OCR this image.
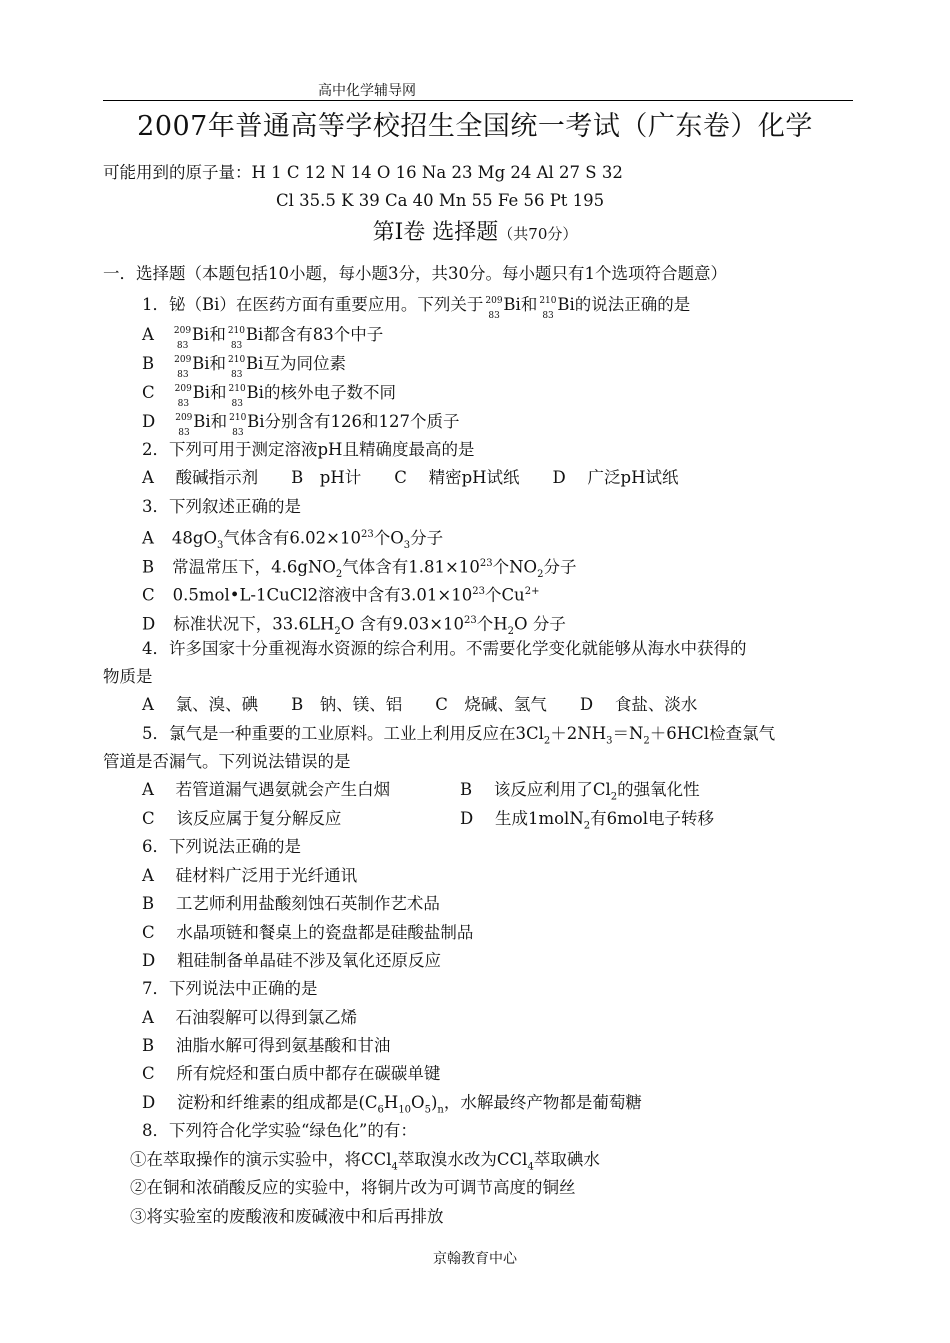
高中化学辅导网
2007年普通高等学校招生全国统一考试（广东卷）化学
可能用到的原子量：H 1 C 12 N 14 O 16 Na 23 Mg 24 Al 27 S 32
Cl 35.5 K 39 Ca 40 Mn 55 Fe 56 Pt 195
第Ⅰ卷 选择题（共70分）
一．选择题（本题包括10小题，每小题3分，共30分。每小题只有1个选项符合题意）
1．铋（Bi）在医药方面有重要应用。下列关于 209
83
Bi和 210
83
Bi的说法正确的是
A 209
83
Bi和 210
83
Bi都含有83个中子
B 209
83
Bi和 210
83
Bi互为同位素
C 209
83
Bi和 210
83
Bi的核外电子数不同
D 209
83
Bi和 210
83
Bi分别含有126和127个质子
2．下列可用于测定溶液pH且精确度最高的是
A　 酸碱指示剂　　B　pH计　　C　 精密pH试纸　　D　 广泛pH试纸
3．下列叙述正确的是
A $48gO_3$气体含有$6.02\times 10^{23}$个$O_3$分子
B 常温常压下，4.6gNO$_2$气体含有$1.81\times 10^{23}$个$NO_2$分子
C 0.5mol•L-1CuCl2溶液中含有$3.01\times 10^{23}$个$Cu^{2+}$
D 标准状况下，$33.6LH_2O$ 含有$9.03\times 10^{23}$个$H_2O$ 分子
4．许多国家十分重视海水资源的综合利用。不需要化学变化就能够从海水中获得的
物质是
A　 氯、溴、碘　　B　钠、镁、铝　　C　烧碱、氢气　　D　 食盐、淡水
5．氯气是一种重要的工业原料。工业上利用反应在$3Cl_2+2NH_3=N_2+6HCl$检查氯气
管道是否漏气。下列说法错误的是
A　 若管道漏气遇氨就会产生白烟	B　 该反应利用了$Cl_2$的强氧化性
C　 该反应属于复分解反应	D　 生成1molN$_2$有6mol电子转移
6．下列说法正确的是
A　 硅材料广泛用于光纤通讯
B　 工艺师利用盐酸刻蚀石英制作艺术品
C　 水晶项链和餐桌上的瓷盘都是硅酸盐制品
D　 粗硅制备单晶硅不涉及氧化还原反应
7．下列说法中正确的是
A　 石油裂解可以得到氯乙烯
B　 油脂水解可得到氨基酸和甘油
C　 所有烷烃和蛋白质中都存在碳碳单键
D　 淀粉和纤维素的组成都是$(C_6H_{10}O_5)_n$，水解最终产物都是葡萄糖
8．下列符合化学实验“绿色化”的有：
①在萃取操作的演示实验中，将CCl$_4$萃取溴水改为CCl$_4$萃取碘水
②在铜和浓硝酸反应的实验中，将铜片改为可调节高度的铜丝
③将实验室的废酸液和废碱液中和后再排放
京翰教育中心
